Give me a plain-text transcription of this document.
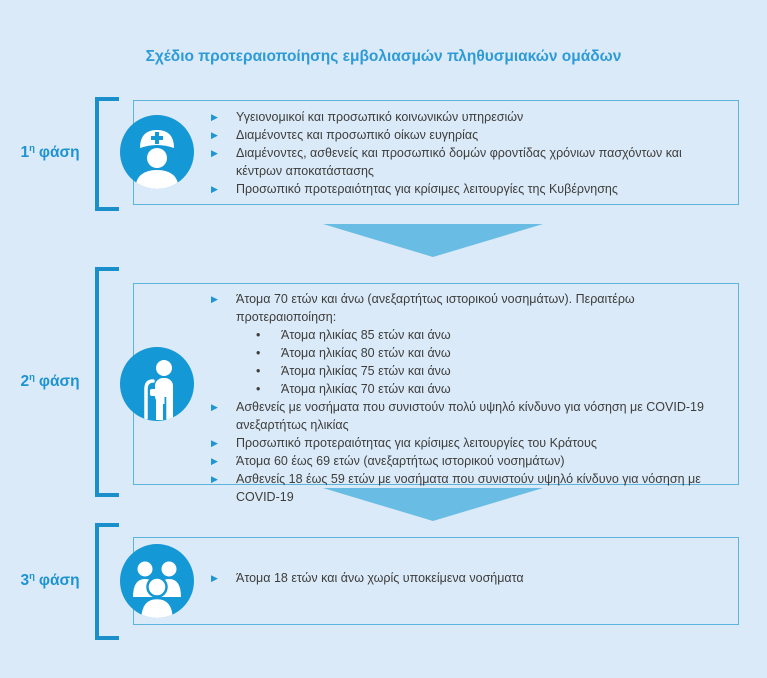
Σχέδιο προτεραιοποίησης εμβολιασμών πληθυσμιακών ομάδων
$1^\eta$ φάση
▶	Υγειονομικοί και προσωπικό κοινωνικών υπηρεσιών
▶	Διαμένοντες και προσωπικό οίκων ευγηρίας
▶	Διαμένοντες, ασθενείς και προσωπικό δομών φροντίδας χρόνιων πασχόντων και κέντρων αποκατάστασης
▶	Προσωπικό προτεραιότητας για κρίσιμες λειτουργίες της Κυβέρνησης
$2^\eta$ φάση
▶	Άτομα 70 ετών και άνω (ανεξαρτήτως ιστορικού νοσημάτων). Περαιτέρω προτεραιοποίηση:
•	Άτομα ηλικίας 85 ετών και άνω
•	Άτομα ηλικίας 80 ετών και άνω
•	Άτομα ηλικίας 75 ετών και άνω
•	Άτομα ηλικίας 70 ετών και άνω
▶	Ασθενείς με νοσήματα που συνιστούν πολύ υψηλό κίνδυνο για νόσηση με COVID-19 ανεξαρτήτως ηλικίας
▶	Προσωπικό προτεραιότητας για κρίσιμες λειτουργίες του Κράτους
▶	Άτομα 60 έως 69 ετών (ανεξαρτήτως ιστορικού νοσημάτων)
▶	Ασθενείς 18 έως 59 ετών με νοσήματα που συνιστούν υψηλό κίνδυνο για νόσηση με COVID-19
$3^\eta$ φάση	▶	Άτομα 18 ετών και άνω χωρίς υποκείμενα νοσήματα
